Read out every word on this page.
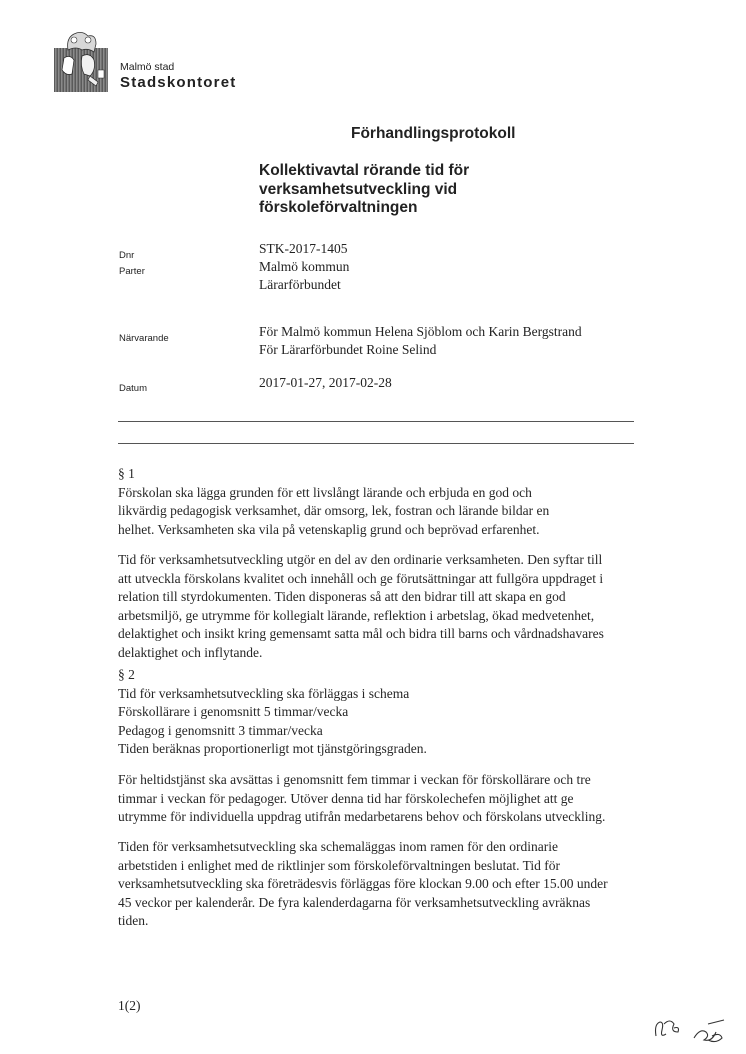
Malmö stad
Stadskontoret
Förhandlingsprotokoll
Kollektivavtal rörande tid för
verksamhetsutveckling vid
förskoleförvaltningen
Dnr	STK-2017-1405
Parter	Malmö kommun
Lärarförbundet
Närvarande	För Malmö kommun Helena Sjöblom och Karin Bergstrand
För Lärarförbundet Roine Selind
Datum	2017-01-27, 2017-02-28
§ 1
Förskolan ska lägga grunden för ett livslångt lärande och erbjuda en god och
likvärdig pedagogisk verksamhet, där omsorg, lek, fostran och lärande bildar en
helhet. Verksamheten ska vila på vetenskaplig grund och beprövad erfarenhet.
Tid för verksamhetsutveckling utgör en del av den ordinarie verksamheten. Den syftar till
att utveckla förskolans kvalitet och innehåll och ge förutsättningar att fullgöra uppdraget i
relation till styrdokumenten. Tiden disponeras så att den bidrar till att skapa en god
arbetsmiljö, ge utrymme för kollegialt lärande, reflektion i arbetslag, ökad medvetenhet,
delaktighet och insikt kring gemensamt satta mål och bidra till barns och vårdnadshavares
delaktighet och inflytande.
§ 2
Tid för verksamhetsutveckling ska förläggas i schema
Förskollärare i genomsnitt 5 timmar/vecka
Pedagog i genomsnitt 3 timmar/vecka
Tiden beräknas proportionerligt mot tjänstgöringsgraden.
För heltidstjänst ska avsättas i genomsnitt fem timmar i veckan för förskollärare och tre
timmar i veckan för pedagoger. Utöver denna tid har förskolechefen möjlighet att ge
utrymme för individuella uppdrag utifrån medarbetarens behov och förskolans utveckling.
Tiden för verksamhetsutveckling ska schemaläggas inom ramen för den ordinarie
arbetstiden i enlighet med de riktlinjer som förskoleförvaltningen beslutat. Tid för
verksamhetsutveckling ska företrädesvis förläggas före klockan 9.00 och efter 15.00 under
45 veckor per kalenderår. De fyra kalenderdagarna för verksamhetsutveckling avräknas
tiden.
1(2)
